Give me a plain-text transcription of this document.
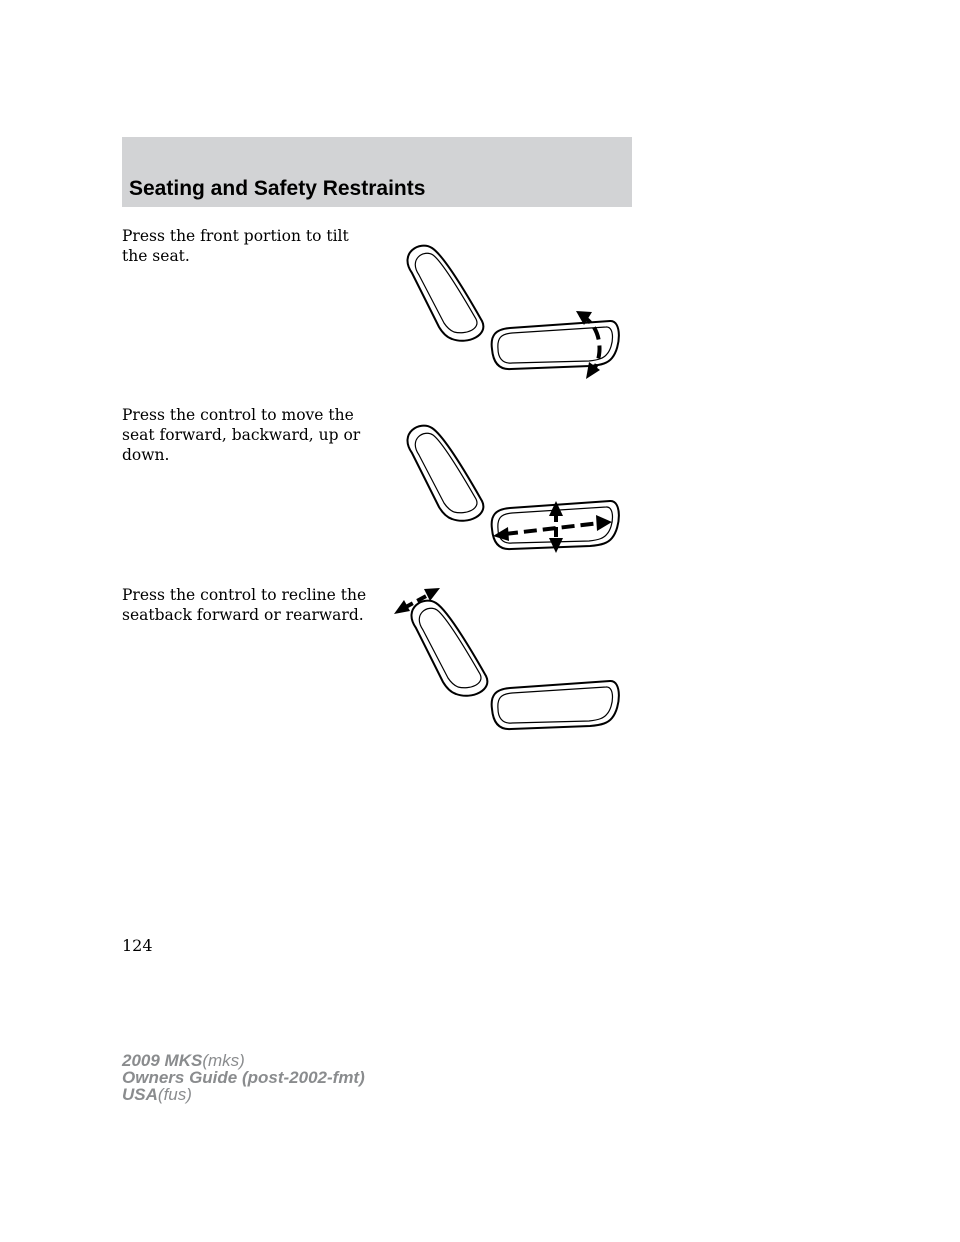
Seating and Safety Restraints

Press the front portion to tilt the seat.

Press the control to move the seat forward, backward, up or down.

Press the control to recline the seatback forward or rearward.

124

2009 MKS(mks)
Owners Guide (post-2002-fmt)
USA(fus)
